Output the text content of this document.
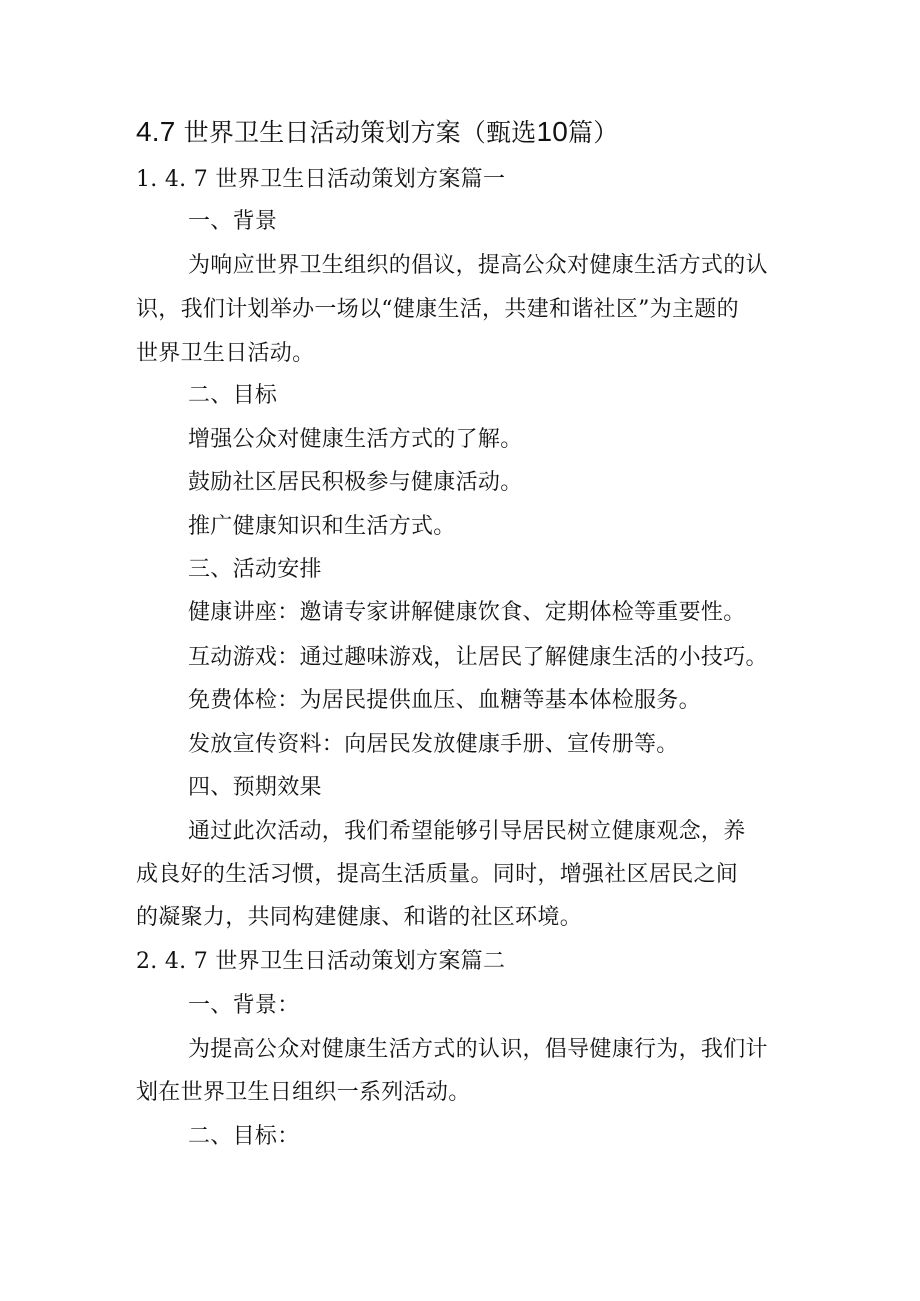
4.7 世界卫生日活动策划方案（甄选10篇）
1. 4. 7 世界卫生日活动策划方案篇一
一、背景
为响应世界卫生组织的倡议，提高公众对健康生活方式的认
识，我们计划举办一场以“健康生活，共建和谐社区”为主题的
世界卫生日活动。
二、目标
增强公众对健康生活方式的了解。
鼓励社区居民积极参与健康活动。
推广健康知识和生活方式。
三、活动安排
健康讲座：邀请专家讲解健康饮食、定期体检等重要性。
互动游戏：通过趣味游戏，让居民了解健康生活的小技巧。
免费体检：为居民提供血压、血糖等基本体检服务。
发放宣传资料：向居民发放健康手册、宣传册等。
四、预期效果
通过此次活动，我们希望能够引导居民树立健康观念，养
成良好的生活习惯，提高生活质量。同时，增强社区居民之间
的凝聚力，共同构建健康、和谐的社区环境。
2. 4. 7 世界卫生日活动策划方案篇二
一、背景：
为提高公众对健康生活方式的认识，倡导健康行为，我们计
划在世界卫生日组织一系列活动。
二、目标：
